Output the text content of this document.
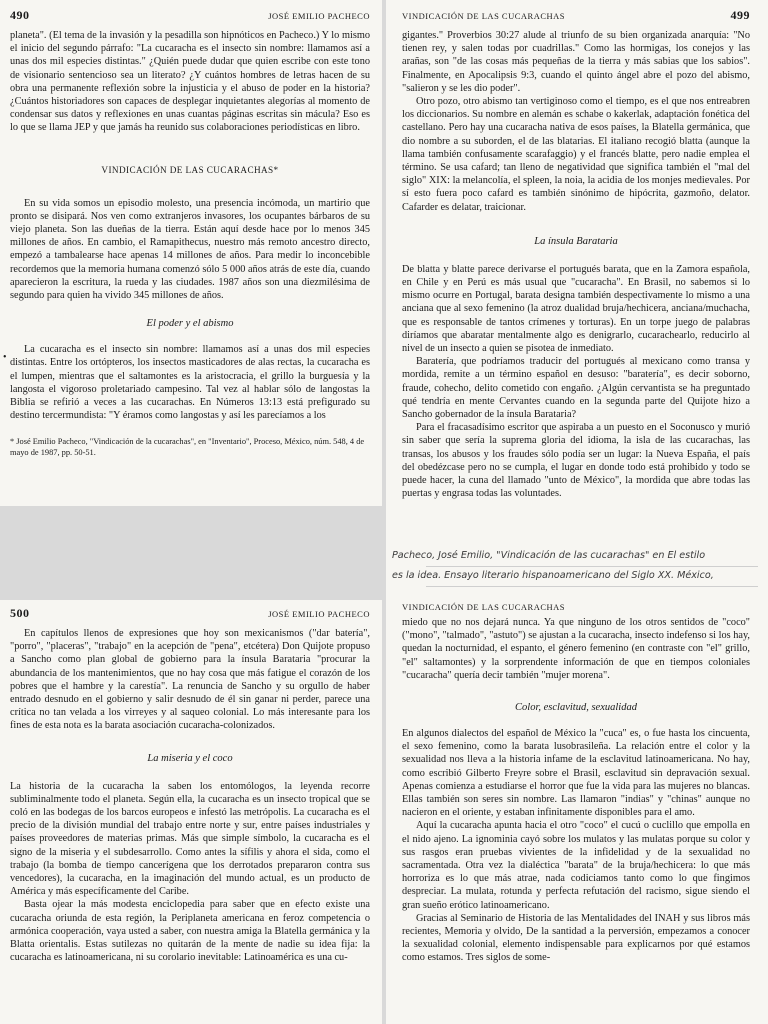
490	JOSÉ EMILIO PACHECO

planeta". (El tema de la invasión y la pesadilla son hipnóticos en Pacheco.) Y lo mismo el inicio del segundo párrafo: "La cucaracha es el insecto sin nombre: llamamos así a unas dos mil especies distintas." ¿Quién puede dudar que quien escribe con este tono de visionario sentencioso sea un literato? ¿Y cuántos hombres de letras hacen de su obra una permanente reflexión sobre la injusticia y el abuso de poder en la historia? ¿Cuántos historiadores son capaces de desplegar inquietantes alegorías al momento de condensar sus datos y reflexiones en unas cuantas páginas escritas sin mácula? Eso es lo que se llama JEP y que jamás ha reunido sus colaboraciones periodísticas en libro.

VINDICACIÓN DE LAS CUCARACHAS*

En su vida somos un episodio molesto, una presencia incómoda, un martirio que pronto se disipará. Nos ven como extranjeros invasores, los ocupantes bárbaros de su viejo planeta. Son las dueñas de la tierra. Están aquí desde hace por lo menos 345 millones de años. En cambio, el Ramapithecus, nuestro más remoto ancestro directo, empezó a tambalearse hace apenas 14 millones de años. Para medir lo inconcebible recordemos que la memoria humana comenzó sólo 5 000 años atrás de este día, cuando aparecieron la escritura, la rueda y las ciudades. 1987 años son una diezmilésima de segundo para quien ha vivido 345 millones de años.

•
El poder y el abismo

La cucaracha es el insecto sin nombre: llamamos así a unas dos mil especies distintas. Entre los ortópteros, los insectos masticadores de alas rectas, la cucaracha es el lumpen, mientras que el saltamontes es la aristocracia, el grillo la burguesía y la langosta el vigoroso proletariado campesino. Tal vez al hablar sólo de langostas la Biblia se refirió a veces a las cucarachas. En Números 13:13 está prefigurado su destino tercermundista: "Y éramos como langostas y así les parecíamos a los

* José Emilio Pacheco, "Vindicación de la cucarachas", en "Inventario", Proceso, México, núm. 548, 4 de mayo de 1987, pp. 50-51.

VINDICACIÓN DE LAS CUCARACHAS	499

gigantes." Proverbios 30:27 alude al triunfo de su bien organizada anarquía: "No tienen rey, y salen todas por cuadrillas." Como las hormigas, los conejos y las arañas, son "de las cosas más pequeñas de la tierra y más sabias que los sabios". Finalmente, en Apocalipsis 9:3, cuando el quinto ángel abre el pozo del abismo, "salieron y se les dio poder".

Otro pozo, otro abismo tan vertiginoso como el tiempo, es el que nos entreabren los diccionarios. Su nombre en alemán es schabe o kakerlak, adaptación fonética del castellano. Pero hay una cucaracha nativa de esos países, la Blatella germánica, que dio nombre a su suborden, el de las blatarias. El italiano recogió blatta (aunque la llama también confusamente scarafaggio) y el francés blatte, pero nadie emplea el término. Se usa cafard; tan lleno de negatividad que significa también el "mal del siglo" XIX: la melancolía, el spleen, la noia, la acidia de los monjes medievales. Por sí esto fuera poco cafard es también sinónimo de hipócrita, gazmoño, delator. Cafarder es delatar, traicionar.

La ínsula Barataria

De blatta y blatte parece derivarse el portugués barata, que en la Zamora española, en Chile y en Perú es más usual que "cucaracha". En Brasil, no sabemos si lo mismo ocurre en Portugal, barata designa también despectivamente lo mismo a una anciana que al sexo femenino (la atroz dualidad bruja/hechicera, anciana/muchacha, que es responsable de tantos crímenes y torturas). En un torpe juego de palabras diríamos que abaratar mentalmente algo es denigrarlo, cucarachearlo, reducirlo al nivel de un insecto a quien se pisotea de inmediato.

Baratería, que podríamos traducir del portugués al mexicano como transa y mordida, remite a un término español en desuso: "baratería", es decir soborno, fraude, cohecho, delito cometido con engaño. ¿Algún cervantista se ha preguntado qué tendría en mente Cervantes cuando en la segunda parte del Quijote hizo a Sancho gobernador de la ínsula Barataria?

Para el fracasadísimo escritor que aspiraba a un puesto en el Soconusco y murió sin saber que sería la suprema gloria del idioma, la isla de las cucarachas, las transas, los abusos y los fraudes sólo podía ser un lugar: la Nueva España, el país del obedézcase pero no se cumpla, el lugar en donde todo está prohibido y todo se puede hacer, la cuna del llamado "unto de México", la mordida que abre todas las puertas y engrasa todas las voluntades.

Pacheco, José Emilio, "Vindicación de las cucarachas" en El estilo
es la idea. Ensayo literario hispanoamericano del Siglo XX. México,
500	JOSÉ EMILIO PACHECO

En capítulos llenos de expresiones que hoy son mexicanismos ("dar batería", "porro", "placeras", "trabajo" en la acepción de "pena", etcétera) Don Quijote propuso a Sancho como plan global de gobierno para la ínsula Barataria "procurar la abundancia de los mantenimientos, que no hay cosa que más fatigue el corazón de los pobres que el hambre y la carestía". La renuncia de Sancho y su orgullo de haber entrado desnudo en el gobierno y salir desnudo de él sin ganar ni perder, parece una crítica no tan velada a los virreyes y al saqueo colonial. Lo más interesante para los fines de esta nota es la barata asociación cucaracha-colonizados.

La miseria y el coco

La historia de la cucaracha la saben los entomólogos, la leyenda recorre subliminalmente todo el planeta. Según ella, la cucaracha es un insecto tropical que se coló en las bodegas de los barcos europeos e infestó las metrópolis. La cucaracha es el precio de la división mundial del trabajo entre norte y sur, entre países industriales y países proveedores de materias primas. Más que simple símbolo, la cucaracha es el signo de la miseria y el subdesarrollo. Como antes la sífilis y ahora el sida, como el trabajo (la bomba de tiempo cancerígena que los derrotados prepararon contra sus vencedores), la cucaracha, en la imaginación del mundo actual, es un producto de América y más específicamente del Caribe.

Basta ojear la más modesta enciclopedia para saber que en efecto existe una cucaracha oriunda de esta región, la Periplaneta americana en feroz competencia o armónica cooperación, vaya usted a saber, con nuestra amiga la Blatella germánica y la Blatta orientalis. Estas sutilezas no quitarán de la mente de nadie su idea fija: la cucaracha es latinoamericana, ni su corolario inevitable: Latinoamérica es una cu-

VINDICACIÓN DE LAS CUCARACHAS

miedo que no nos dejará nunca. Ya que ninguno de los otros sentidos de "coco" ("mono", "talmado", "astuto") se ajustan a la cucaracha, insecto indefenso si los hay, quedan la nocturnidad, el espanto, el género femenino (en contraste con "el" grillo, "el" saltamontes) y la sorprendente información de que en tiempos coloniales "cucaracha" quería decir también "mujer morena".

Color, esclavitud, sexualidad

En algunos dialectos del español de México la "cuca" es, o fue hasta los cincuenta, el sexo femenino, como la barata lusobrasileña. La relación entre el color y la sexualidad nos lleva a la historia infame de la esclavitud latinoamericana. No hay, como escribió Gilberto Freyre sobre el Brasil, esclavitud sin depravación sexual. Apenas comienza a estudiarse el horror que fue la vida para las mujeres no blancas. Ellas también son seres sin nombre. Las llamaron "indias" y "chinas" aunque no nacieron en el oriente, y estaban infinitamente disponibles para el amo.

Aquí la cucaracha apunta hacia el otro "coco" el cucú o cuclillo que empolla en el nido ajeno. La ignominia cayó sobre los mulatos y las mulatas porque su color y sus rasgos eran pruebas vivientes de la infidelidad y de la sexualidad no sacramentada. Otra vez la dialéctica "barata" de la bruja/hechicera: lo que más horroriza es lo que más atrae, nada codiciamos tanto como lo que fingimos despreciar. La mulata, rotunda y perfecta refutación del racismo, sigue siendo el gran sueño erótico latinoamericano.

Gracias al Seminario de Historia de las Mentalidades del INAH y sus libros más recientes, Memoria y olvido, De la santidad a la perversión, empezamos a conocer la sexualidad colonial, elemento indispensable para explicarnos por qué estamos como estamos. Tres siglos de some-
